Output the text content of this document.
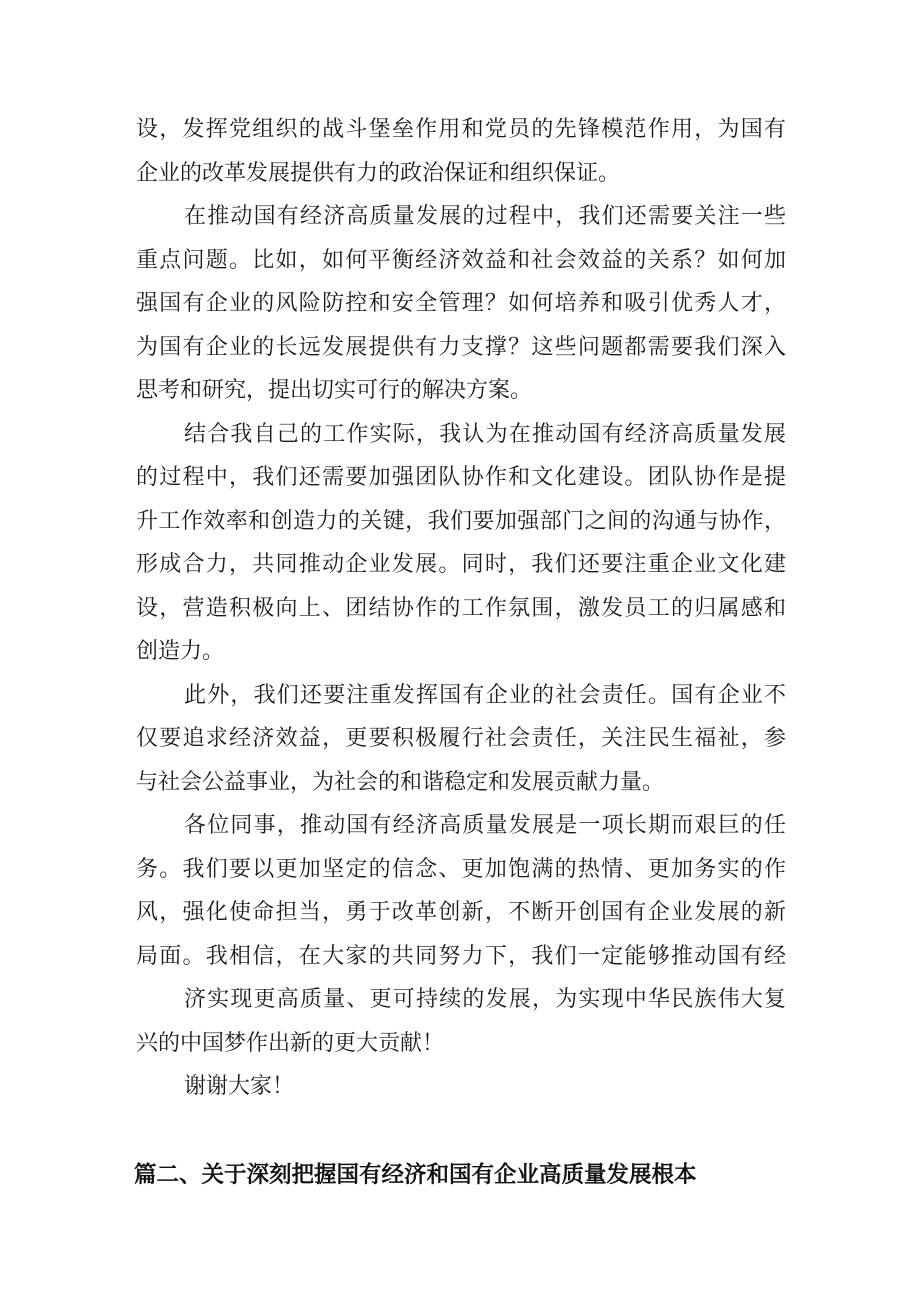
设，发挥党组织的战斗堡垒作用和党员的先锋模范作用，为国有
企业的改革发展提供有力的政治保证和组织保证。
在推动国有经济高质量发展的过程中，我们还需要关注一些
重点问题。比如，如何平衡经济效益和社会效益的关系？如何加
强国有企业的风险防控和安全管理？如何培养和吸引优秀人才，
为国有企业的长远发展提供有力支撑？这些问题都需要我们深入
思考和研究，提出切实可行的解决方案。
结合我自己的工作实际，我认为在推动国有经济高质量发展
的过程中，我们还需要加强团队协作和文化建设。团队协作是提
升工作效率和创造力的关键，我们要加强部门之间的沟通与协作，
形成合力，共同推动企业发展。同时，我们还要注重企业文化建
设，营造积极向上、团结协作的工作氛围，激发员工的归属感和
创造力。
此外，我们还要注重发挥国有企业的社会责任。国有企业不
仅要追求经济效益，更要积极履行社会责任，关注民生福祉，参
与社会公益事业，为社会的和谐稳定和发展贡献力量。
各位同事，推动国有经济高质量发展是一项长期而艰巨的任
务。我们要以更加坚定的信念、更加饱满的热情、更加务实的作
风，强化使命担当，勇于改革创新，不断开创国有企业发展的新
局面。我相信，在大家的共同努力下，我们一定能够推动国有经
济实现更高质量、更可持续的发展，为实现中华民族伟大复
兴的中国梦作出新的更大贡献！
谢谢大家！
篇二、关于深刻把握国有经济和国有企业高质量发展根本
